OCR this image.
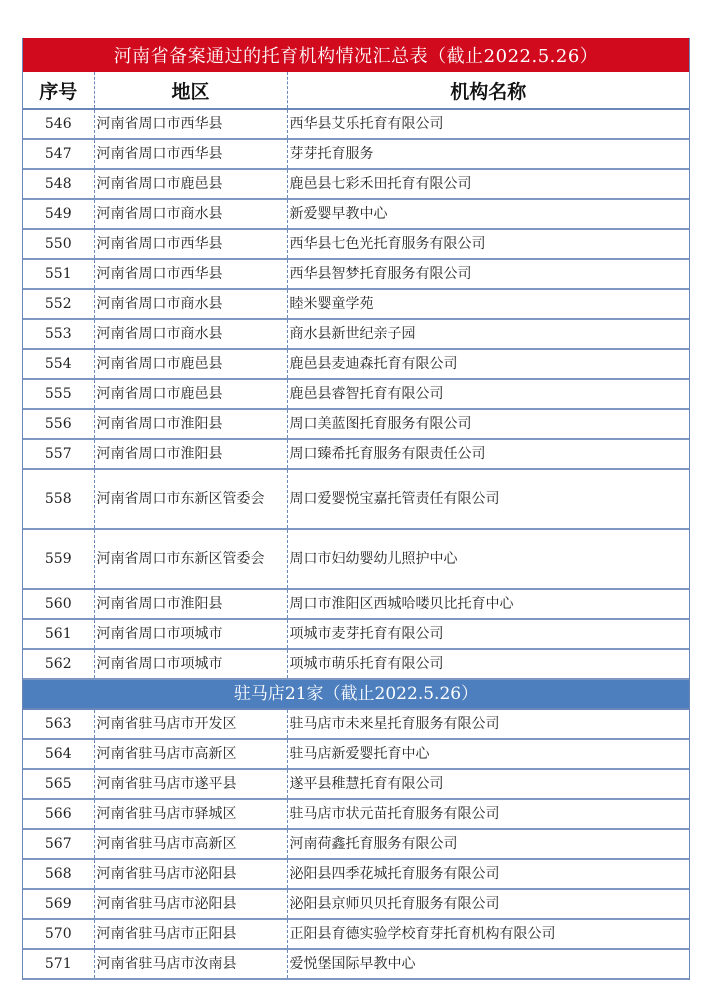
河南省备案通过的托育机构情况汇总表（截止2022.5.26）
序号	地区	机构名称
546	河南省周口市西华县	西华县艾乐托育有限公司
547	河南省周口市西华县	芽芽托育服务
548	河南省周口市鹿邑县	鹿邑县七彩禾田托育有限公司
549	河南省周口市商水县	新爱婴早教中心
550	河南省周口市西华县	西华县七色光托育服务有限公司
551	河南省周口市西华县	西华县智梦托育服务有限公司
552	河南省周口市商水县	睦米婴童学苑
553	河南省周口市商水县	商水县新世纪亲子园
554	河南省周口市鹿邑县	鹿邑县麦迪森托育有限公司
555	河南省周口市鹿邑县	鹿邑县睿智托育有限公司
556	河南省周口市淮阳县	周口美蓝图托育服务有限公司
557	河南省周口市淮阳县	周口臻希托育服务有限责任公司
558	河南省周口市东新区管委会	周口爱婴悦宝嘉托管责任有限公司
559	河南省周口市东新区管委会	周口市妇幼婴幼儿照护中心
560	河南省周口市淮阳县	周口市淮阳区西城哈喽贝比托育中心
561	河南省周口市项城市	项城市麦芽托育有限公司
562	河南省周口市项城市	项城市萌乐托育有限公司
驻马店21家（截止2022.5.26）		
563	河南省驻马店市开发区	驻马店市未来星托育服务有限公司
564	河南省驻马店市高新区	驻马店新爱婴托育中心
565	河南省驻马店市遂平县	遂平县稚慧托育有限公司
566	河南省驻马店市驿城区	驻马店市状元苗托育服务有限公司
567	河南省驻马店市高新区	河南荷鑫托育服务有限公司
568	河南省驻马店市泌阳县	泌阳县四季花城托育服务有限公司
569	河南省驻马店市泌阳县	泌阳县京师贝贝托育服务有限公司
570	河南省驻马店市正阳县	正阳县育德实验学校育芽托育机构有限公司
571	河南省驻马店市汝南县	爱悦堡国际早教中心
